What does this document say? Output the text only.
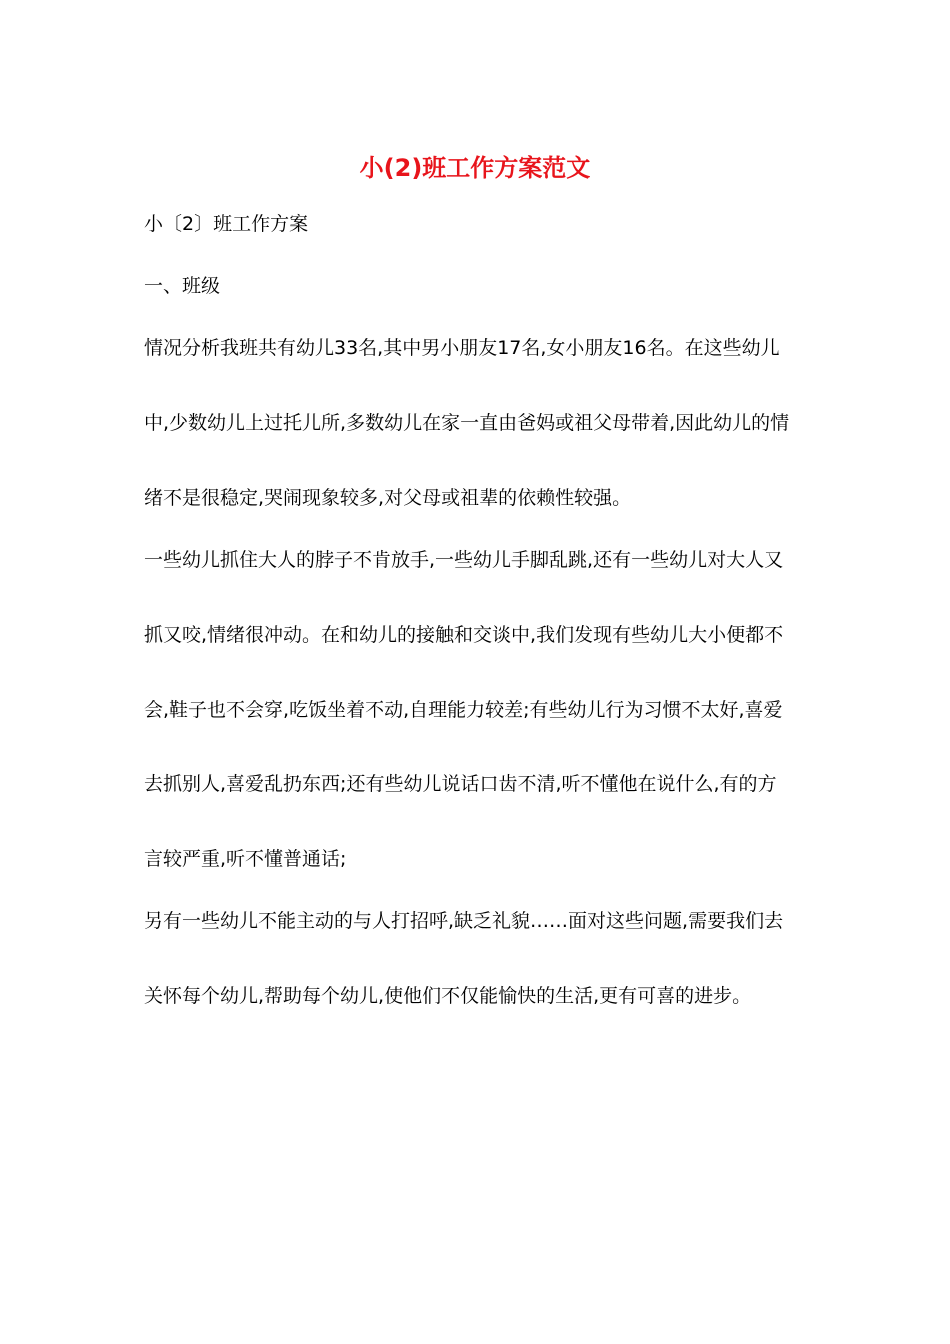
小(2)班工作方案范文

小〔2〕班工作方案

一、班级

情况分析我班共有幼儿33名,其中男小朋友17名,女小朋友16名。在这些幼儿

中,少数幼儿上过托儿所,多数幼儿在家一直由爸妈或祖父母带着,因此幼儿的情

绪不是很稳定,哭闹现象较多,对父母或祖辈的依赖性较强。

一些幼儿抓住大人的脖子不肯放手,一些幼儿手脚乱跳,还有一些幼儿对大人又

抓又咬,情绪很冲动。在和幼儿的接触和交谈中,我们发现有些幼儿大小便都不

会,鞋子也不会穿,吃饭坐着不动,自理能力较差;有些幼儿行为习惯不太好,喜爱

去抓别人,喜爱乱扔东西;还有些幼儿说话口齿不清,听不懂他在说什么,有的方

言较严重,听不懂普通话;

另有一些幼儿不能主动的与人打招呼,缺乏礼貌……面对这些问题,需要我们去

关怀每个幼儿,帮助每个幼儿,使他们不仅能愉快的生活,更有可喜的进步。
